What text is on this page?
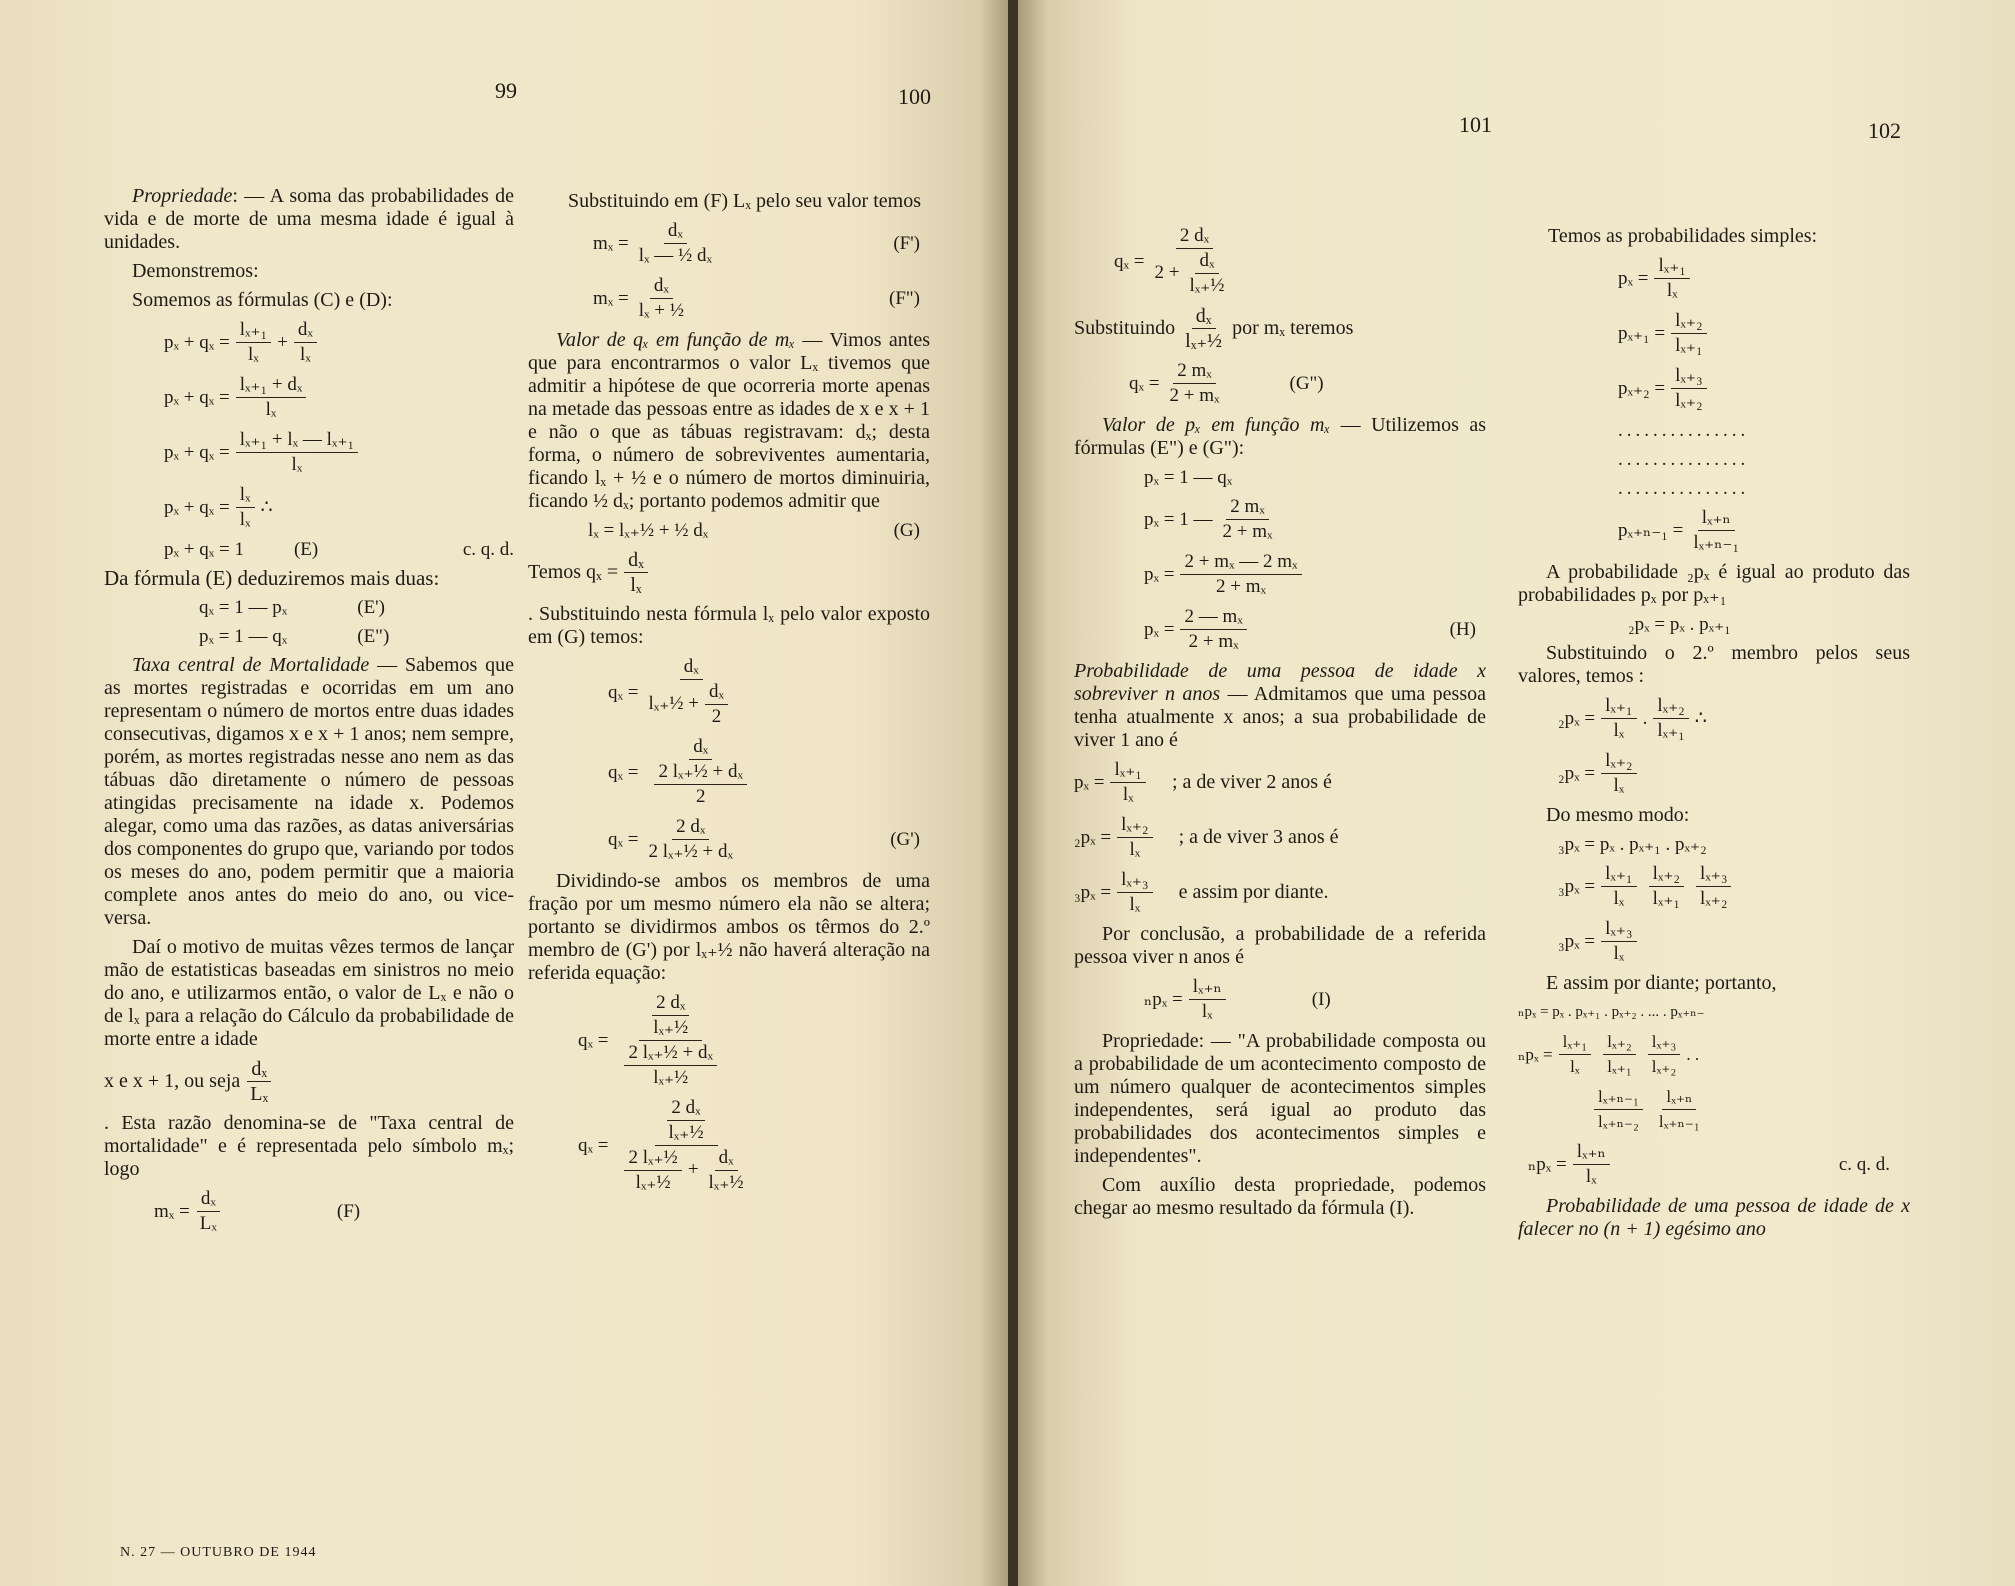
99	100

Propriedade: — A soma das probabilidades de vida e de morte de uma mesma idade é igual à unidades.

Demonstremos:

Somemos as fórmulas (C) e (D):

$p_x + q_x = \frac{\text{lₓ₊₁}}{\text{lₓ}} + \frac{\text{dₓ}}{\text{lₓ}}$
$p_x + q_x = \frac{\text{lₓ₊₁ + dₓ}}{\text{lₓ}}$
$p_x + q_x = \frac{\text{lₓ₊₁ + lₓ — lₓ₊₁}}{\text{lₓ}}$
$p_x + q_x = \frac{\text{lₓ}}{\text{lₓ}}$ ∴
pₓ + qₓ = 1	(E)	c. q. d.

Da fórmula (E) deduziremos mais duas:

qₓ = 1 — pₓ	(E')
pₓ = 1 — qₓ	(E")

Taxa central de Mortalidade — Sabemos que as mortes registradas e ocorridas em um ano representam o número de mortos entre duas idades consecutivas, digamos x e x + 1 anos; nem sempre, porém, as mortes registradas nesse ano nem as das tábuas dão diretamente o número de pessoas atingidas precisamente na idade x. Podemos alegar, como uma das razões, as datas aniversárias dos componentes do grupo que, variando por todos os meses do ano, podem permitir que a maioria complete anos antes do meio do ano, ou vice-versa.

Daí o motivo de muitas vêzes termos de lançar mão de estatisticas baseadas em sinistros no meio do ano, e utilizarmos então, o valor de Lₓ e não o de lₓ para a relação do Cálculo da probabilidade de morte entre a idade

x e x + 1, ou seja $\frac{\text{dₓ}}{\text{Lₓ}}$

. Esta razão denomina-se de "Taxa central de mortalidade" e é representada pelo símbolo mₓ; logo

$m_x = \frac{\text{dₓ}}{\text{Lₓ}}$	(F)

Substituindo em (F) Lₓ pelo seu valor temos

$m_x = \frac{\text{dₓ}}{\text{lₓ — ½ dₓ}}$	(F')
$m_x = \frac{\text{dₓ}}{\text{lₓ + ½}}$	(F")

Valor de qₓ em função de mₓ — Vimos antes que para encontrarmos o valor Lₓ tivemos que admitir a hipótese de que ocorreria morte apenas na metade das pessoas entre as idades de x e x + 1 e não o que as tábuas registravam: dₓ; desta forma, o número de sobreviventes aumentaria, ficando lₓ + ½ e o número de mortos diminuiria, ficando ½ dₓ; portanto podemos admitir que

lₓ = lₓ₊½ + ½ dₓ	(G)
Temos $q_x = \frac{\text{dₓ}}{\text{lₓ}}$

. Substituindo nesta fórmula lₓ pelo valor exposto em (G) temos:

$q_x = \frac{\text{dₓ}}{l_{x+}\frac{1}{2} + \frac{\text{dₓ}}{2}}$
$q_x = \frac{\text{dₓ}}{\frac{\text{2 lₓ₊½ + dₓ}}{2}}$
$q_x = \frac{\text{2 dₓ}}{\text{2 lₓ₊½ + dₓ}}$	(G')

Dividindo-se ambos os membros de uma fração por um mesmo número ela não se altera; portanto se dividirmos ambos os têrmos do 2.º membro de (G') por lₓ₊½ não haverá alteração na referida equação:

$q_x = \frac{\frac{\text{2 dₓ}}{\text{lₓ₊½}}}{\frac{\text{2 lₓ₊½ + dₓ}}{\text{lₓ₊½}}}$
$q_x = \frac{\frac{\text{2 dₓ}}{\text{lₓ₊½}}}{\frac{\text{2 lₓ₊½}}{\text{lₓ₊½}} + \frac{\text{dₓ}}{\text{lₓ₊½}}}$
N. 27 — OUTUBRO DE 1944
101	102
$q_x = \frac{\text{2 dₓ}}{2 + \frac{\text{dₓ}}{\text{lₓ₊½}}}$
Substituindo $\frac{\text{dₓ}}{\text{lₓ₊½}}$ por mₓ teremos
$q_x = \frac{\text{2 mₓ}}{\text{2 + mₓ}}$	(G")

Valor de pₓ em função mₓ — Utilizemos as fórmulas (E") e (G"):

pₓ = 1 — qₓ
pₓ = 1 — $\frac{\text{2 mₓ}}{\text{2 + mₓ}}$
$p_x = \frac{\text{2 + mₓ — 2 mₓ}}{\text{2 + mₓ}}$
$p_x = \frac{\text{2 — mₓ}}{\text{2 + mₓ}}$	(H)

Probabilidade de uma pessoa de idade x sobreviver n anos — Admitamos que uma pessoa tenha atualmente x anos; a sua probabilidade de viver 1 ano é

$p_x = \frac{\text{lₓ₊₁}}{\text{lₓ}}$ ; a de viver 2 anos é
$_2p_x = \frac{\text{lₓ₊₂}}{\text{lₓ}}$ ; a de viver 3 anos é
$_3p_x = \frac{\text{lₓ₊₃}}{\text{lₓ}}$ e assim por diante.

Por conclusão, a probabilidade de a referida pessoa viver n anos é

$_np_x = \frac{\text{lₓ₊ₙ}}{\text{lₓ}}$	(I)

Propriedade: — "A probabilidade composta ou a probabilidade de um acontecimento composto de um número qualquer de acontecimentos simples independentes, será igual ao produto das probabilidades dos acontecimentos simples e independentes".

Com auxílio desta propriedade, podemos chegar ao mesmo resultado da fórmula (I).

Temos as probabilidades simples:

$p_x = \frac{\text{lₓ₊₁}}{\text{lₓ}}$
$p_{x+1} = \frac{\text{lₓ₊₂}}{\text{lₓ₊₁}}$
$p_{x+2} = \frac{\text{lₓ₊₃}}{\text{lₓ₊₂}}$
...............
...............
...............
$p_{x+n-1} = \frac{\text{lₓ₊ₙ}}{\text{lₓ₊ₙ₋₁}}$

A probabilidade ₂pₓ é igual ao produto das probabilidades pₓ por pₓ₊₁

₂pₓ = pₓ . pₓ₊₁

Substituindo o 2.º membro pelos seus valores, temos :

$_2p_x = \frac{\text{lₓ₊₁}}{\text{lₓ}}$ . $\frac{\text{lₓ₊₂}}{\text{lₓ₊₁}}$ ∴
$_2p_x = \frac{\text{lₓ₊₂}}{\text{lₓ}}$

Do mesmo modo:

₃pₓ = pₓ . pₓ₊₁ . pₓ₊₂
$_3p_x = \frac{\text{lₓ₊₁}}{\text{lₓ}} \frac{\text{lₓ₊₂}}{\text{lₓ₊₁}} \frac{\text{lₓ₊₃}}{\text{lₓ₊₂}}$
$_3p_x = \frac{\text{lₓ₊₃}}{\text{lₓ}}$

E assim por diante; portanto,

ₙpₓ = pₓ . pₓ₊₁ . pₓ₊₂ . ... . pₓ₊ₙ₋
$_np_x = \frac{\text{lₓ₊₁}}{\text{lₓ}} \frac{\text{lₓ₊₂}}{\text{lₓ₊₁}} \frac{\text{lₓ₊₃}}{\text{lₓ₊₂}}$ . .
$\frac{\text{lₓ₊ₙ₋₁}}{\text{lₓ₊ₙ₋₂}} \frac{\text{lₓ₊ₙ}}{\text{lₓ₊ₙ₋₁}}$
$_np_x = \frac{\text{lₓ₊ₙ}}{\text{lₓ}}$	c. q. d.

Probabilidade de uma pessoa de idade de x falecer no (n + 1) egésimo ano
